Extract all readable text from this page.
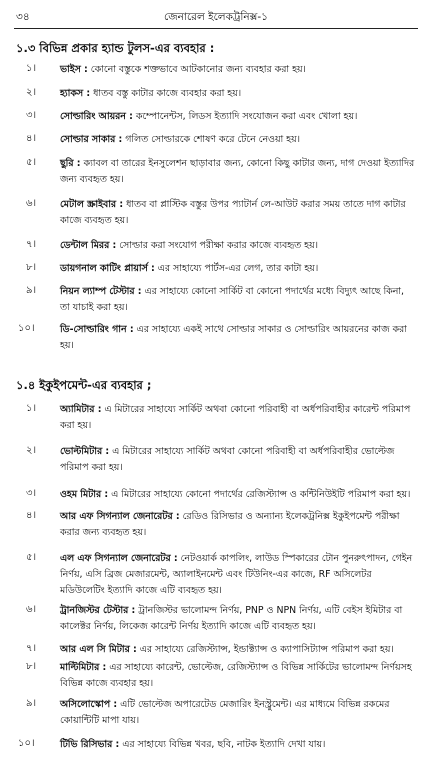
৩৪	জেনারেল ইলেকট্রনিক্স-১
১.৩ বিভিন্ন প্রকার হ্যান্ড টুলস-এর ব্যবহার :
১।	ভাইস : কোনো বস্তুকে শক্তভাবে আটকানোর জন্য ব্যবহার করা হয়।
২।	হ্যাকস : ধাতব বস্তু কাটার কাজে ব্যবহার করা হয়।
৩।	সোল্ডারিং আয়রন : কম্পোনেন্টস, লিডস ইত্যাদি সংযোজন করা এবং খোলা হয়।
৪।	সোল্ডার সাকার : গলিত সোল্ডারকে শোষণ করে টেনে নেওয়া হয়।
৫।	ছুরি : ক্যাবল বা তারের ইনসুলেশন ছাড়াবার জন্য, কোনো কিছু কাটার জন্য, দাগ দেওয়া ইত্যাদির জন্য ব্যবহৃত হয়।
৬।	মেটাল স্ক্রাইবার : ধাতব বা প্লাস্টিক বস্তুর উপর প্যাটার্ন লে-আউট করার সময় তাতে দাগ কাটার কাজে ব্যবহৃত হয়।
৭।	ডেন্টাল মিরর : সোল্ডার করা সংযোগ পরীক্ষা করার কাজে ব্যবহৃত হয়।
৮।	ডায়গনাল কাটিং প্লায়ার্স : এর সাহায্যে পার্টস-এর লেগ, তার কাটা হয়।
৯।	নিয়ন ল্যাম্প টেস্টার : এর সাহায্যে কোনো সার্কিট বা কোনো পদার্থের মধ্যে বিদ্যুৎ আছে কিনা, তা যাচাই করা হয়।
১০।	ডি-সোল্ডারিং গান : এর সাহায্যে একই সাথে সোল্ডার সাকার ও সোল্ডারিং আয়রনের কাজ করা হয়।
১.৪ ইকুইপমেন্ট-এর ব্যবহার ;
১।	অ্যামিটার : এ মিটারের সাহায্যে সার্কিট অথবা কোনো পরিবাহী বা অর্ধপরিবাহীর কারেন্ট পরিমাপ করা হয়।
২।	ভোল্টমিটার : এ মিটারের সাহায্যে সার্কিট অথবা কোনো পরিবাহী বা অর্ধপরিবাহীর ভোল্টেজ পরিমাপ করা হয়।
৩।	ওহম মিটার : এ মিটারের সাহায্যে কোনো পদার্থের রেজিস্ট্যান্স ও কন্টিনিউইটি পরিমাপ করা হয়।
৪।	আর এফ সিগন্যাল জেনারেটর : রেডিও রিসিভার ও অন্যান্য ইলেকট্রনিক্স ইকুইপমেন্ট পরীক্ষা করার জন্য ব্যবহৃত হয়।
৫।	এল এফ সিগন্যাল জেনারেটর : নেটওয়ার্ক কাপলিং, লাউড স্পিকারের টোন পুনরুৎপাদন, গেইন নির্ণয়, এসি ব্রিজ মেজারমেন্ট, অ্যালাইনমেন্ট এবং টিউনিং-এর কাজে, RF অসিলেটর মডিউলেটিং ইত্যাদি কাজে এটি ব্যবহৃত হয়।
৬।	ট্রানজিস্টর টেস্টার : ট্রানজিস্টর ভালোমন্দ নির্ণয়, PNP ও NPN নির্ণয়, এটি বেইস ইমিটার বা কালেক্টর নির্ণয়, লিকেজ কারেন্ট নির্ণয় ইত্যাদি কাজে এটি ব্যবহৃত হয়।
৭।	আর এল সি মিটার : এর সাহায্যে রেজিস্ট্যান্স, ইন্ডাক্ট্যান্স ও ক্যাপাসিট্যান্স পরিমাপ করা হয়।
৮।	মাল্টিমিটার : এর সাহায্যে কারেন্ট, ভোল্টেজ, রেজিস্ট্যান্স ও বিভিন্ন সার্কিটের ভালোমন্দ নির্ণয়সহ বিভিন্ন কাজে ব্যবহার হয়।
৯।	অসিলোস্কোপ : এটি ভোল্টেজ অপারেটেড মেজারিং ইনস্ট্রুমেন্ট। এর মাধ্যমে বিভিন্ন রকমের কোয়ান্টিটি মাপা যায়।
১০।	টিভি রিসিভার : এর সাহায্যে বিভিন্ন খবর, ছবি, নাটক ইত্যাদি দেখা যায়।
